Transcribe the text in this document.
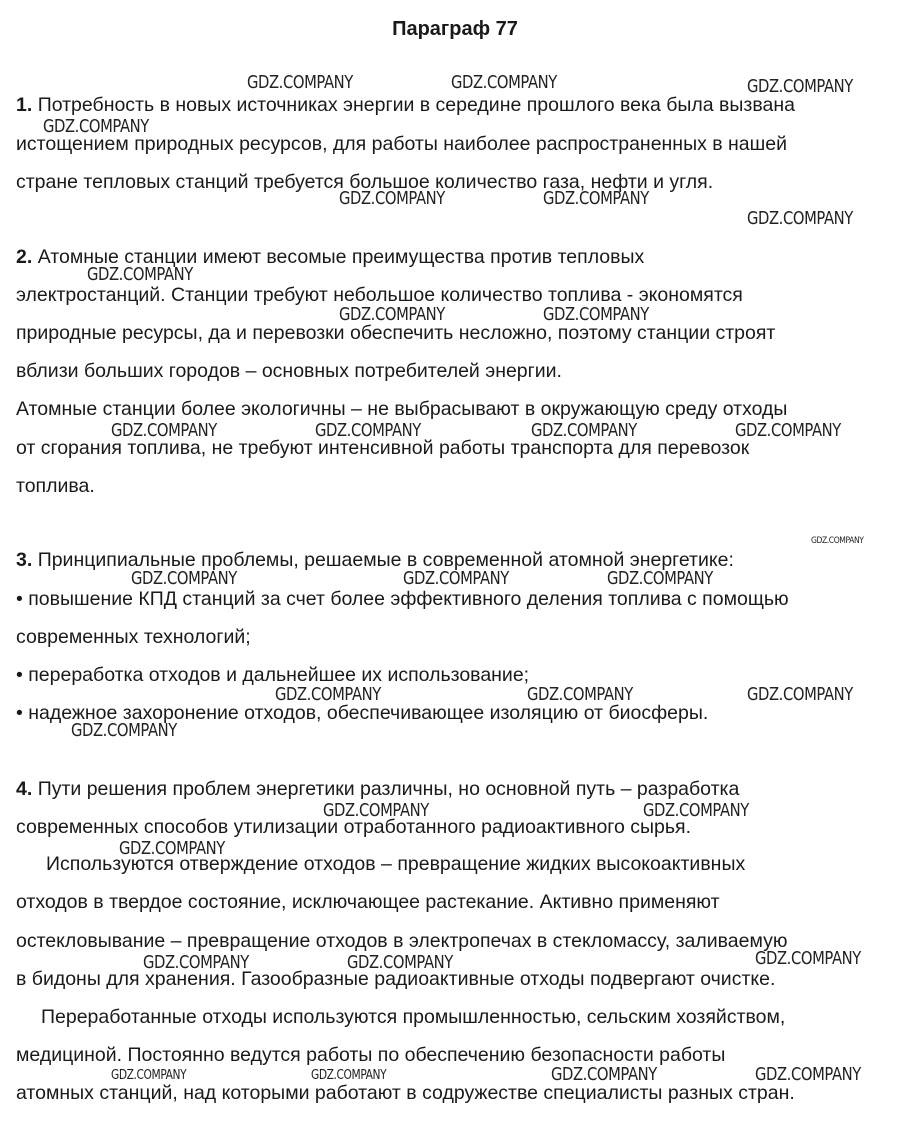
Параграф 77
1. Потребность в новых источниках энергии в середине прошлого века была вызвана
истощением природных ресурсов, для работы наиболее распространенных в нашей
стране тепловых станций требуется большое количество газа, нефти и угля.
2. Атомные станции имеют весомые преимущества против тепловых
электростанций. Станции требуют небольшое количество топлива - экономятся
природные ресурсы, да и перевозки обеспечить несложно, поэтому станции строят
вблизи больших городов – основных потребителей энергии.
Атомные станции более экологичны – не выбрасывают в окружающую среду отходы
от сгорания топлива, не требуют интенсивной работы транспорта для перевозок
топлива.
3. Принципиальные проблемы, решаемые в современной атомной энергетике:
• повышение КПД станций за счет более эффективного деления топлива с помощью
современных технологий;
• переработка отходов и дальнейшее их использование;
• надежное захоронение отходов, обеспечивающее изоляцию от биосферы.
4. Пути решения проблем энергетики различны, но основной путь – разработка
современных способов утилизации отработанного радиоактивного сырья.
Используются отверждение отходов – превращение жидких высокоактивных
отходов в твердое состояние, исключающее растекание. Активно применяют
остекловывание – превращение отходов в электропечах в стекломассу, заливаемую
в бидоны для хранения. Газообразные радиоактивные отходы подвергают очистке.
Переработанные отходы используются промышленностью, сельским хозяйством,
медициной. Постоянно ведутся работы по обеспечению безопасности работы
атомных станций, над которыми работают в содружестве специалисты разных стран.
GDZ.COMPANY	GDZ.COMPANY	GDZ.COMPANY
GDZ.COMPANY
GDZ.COMPANY	GDZ.COMPANY
GDZ.COMPANY
GDZ.COMPANY
GDZ.COMPANY	GDZ.COMPANY
GDZ.COMPANY	GDZ.COMPANY	GDZ.COMPANY	GDZ.COMPANY
GDZ.COMPANY
GDZ.COMPANY	GDZ.COMPANY	GDZ.COMPANY
GDZ.COMPANY	GDZ.COMPANY	GDZ.COMPANY
GDZ.COMPANY
GDZ.COMPANY	GDZ.COMPANY
GDZ.COMPANY
GDZ.COMPANY	GDZ.COMPANY	GDZ.COMPANY
GDZ.COMPANY	GDZ.COMPANY	GDZ.COMPANY	GDZ.COMPANY
